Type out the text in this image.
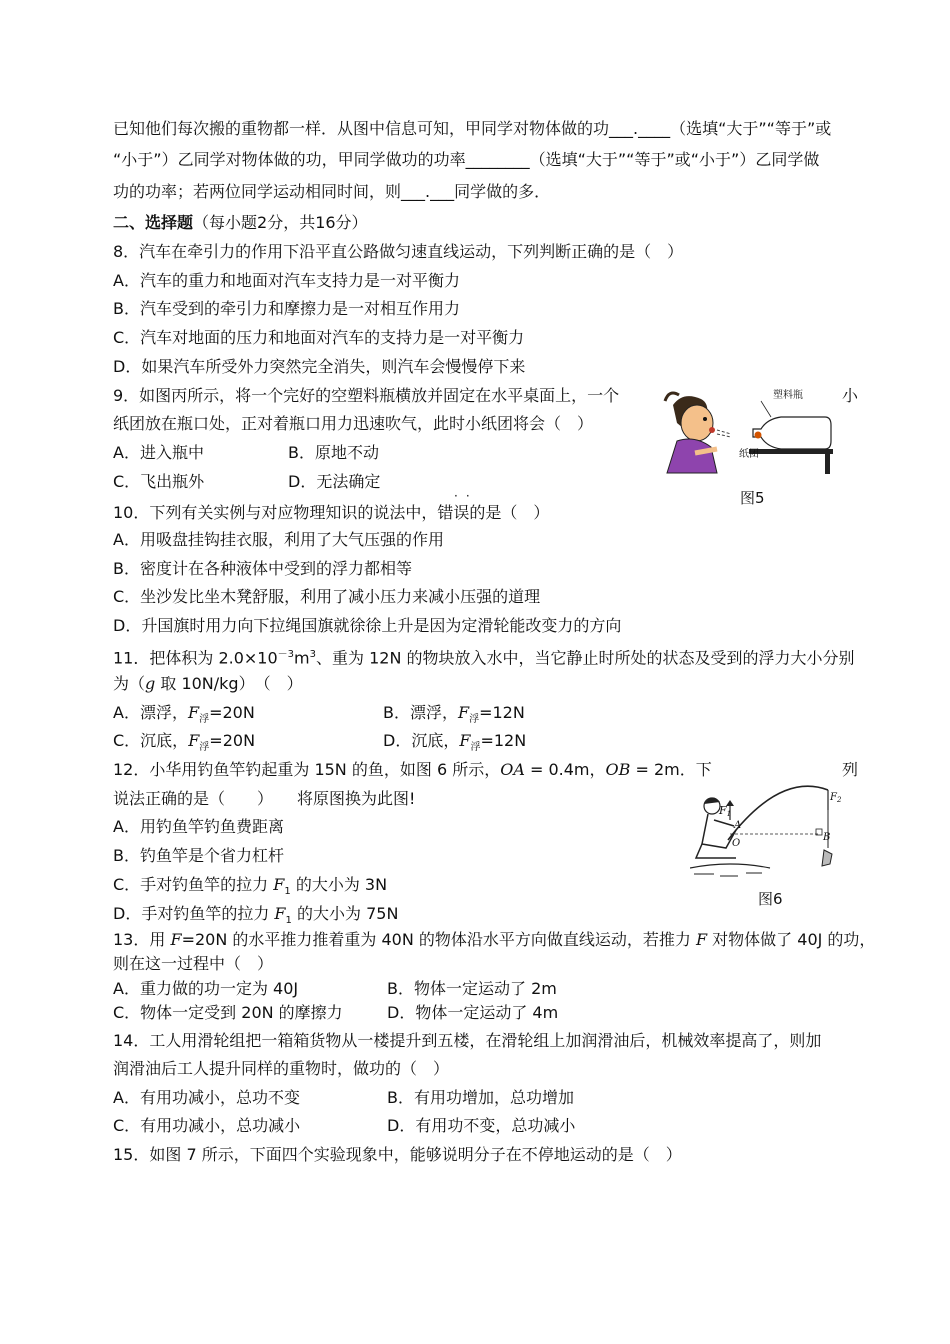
已知他们每次搬的重物都一样．从图中信息可知，甲同学对物体做的功___.____（选填“大于”“等于”或
“小于”）乙同学对物体做的功，甲同学做功的功率________（选填“大于”“等于”或“小于”）乙同学做
功的功率；若两位同学运动相同时间，则___.___同学做的多．
二、选择题（每小题2分，共16分）
8．汽车在牵引力的作用下沿平直公路做匀速直线运动，下列判断正确的是（　）
A．汽车的重力和地面对汽车支持力是一对平衡力
B．汽车受到的牵引力和摩擦力是一对相互作用力
C．汽车对地面的压力和地面对汽车的支持力是一对平衡力
D．如果汽车所受外力突然完全消失，则汽车会慢慢停下来
9．如图丙所示，将一个完好的空塑料瓶横放并固定在水平桌面上，一个	小
纸团放在瓶口处，正对着瓶口用力迅速吹气，此时小纸团将会（　）
A．进入瓶中	B．原地不动
C．飞出瓶外	D．无法确定
塑料瓶
纸团
图5
··
10．下列有关实例与对应物理知识的说法中，错误的是（　）
A．用吸盘挂钩挂衣服，利用了大气压强的作用
B．密度计在各种液体中受到的浮力都相等
C．坐沙发比坐木凳舒服，利用了减小压力来减小压强的道理
D．升国旗时用力向下拉绳国旗就徐徐上升是因为定滑轮能改变力的方向
11．把体积为 $2.0\times 10^{-3}m^3$、重为 12N 的物块放入水中，当它静止时所处的状态及受到的浮力大小分别
为（g 取 10N/kg）　（　）
A．漂浮，$F_浮=20N$	B．漂浮，$F_浮=12N$
C．沉底，$F_浮=20N$	D．沉底，$F_浮=12N$
12．小华用钓鱼竿钓起重为 15N 的鱼，如图 6 所示，OA = 0.4m，OB = 2m．下	列
说法正确的是（　　）　　将原图换为此图!
A．用钓鱼竿钓鱼费距离
B．钓鱼竿是个省力杠杆
C．手对钓鱼竿的拉力 $F_1$ 的大小为 3N
D．手对钓鱼竿的拉力 $F_1$ 的大小为 75N
F1
A
O
B
$F_2$
图6
13．用 F=20N 的水平推力推着重为 40N 的物体沿水平方向做直线运动，若推力 F 对物体做了 40J 的功，
则在这一过程中（　）
A．重力做的功一定为 40J	B．物体一定运动了 2m
C．物体一定受到 20N 的摩擦力	D．物体一定运动了 4m
14．工人用滑轮组把一箱箱货物从一楼提升到五楼，在滑轮组上加润滑油后，机械效率提高了，则加
润滑油后工人提升同样的重物时，做功的（　）
A．有用功减小，总功不变	B．有用功增加，总功增加
C．有用功减小，总功减小	D．有用功不变，总功减小
15．如图 7 所示，下面四个实验现象中，能够说明分子在不停地运动的是（　）
